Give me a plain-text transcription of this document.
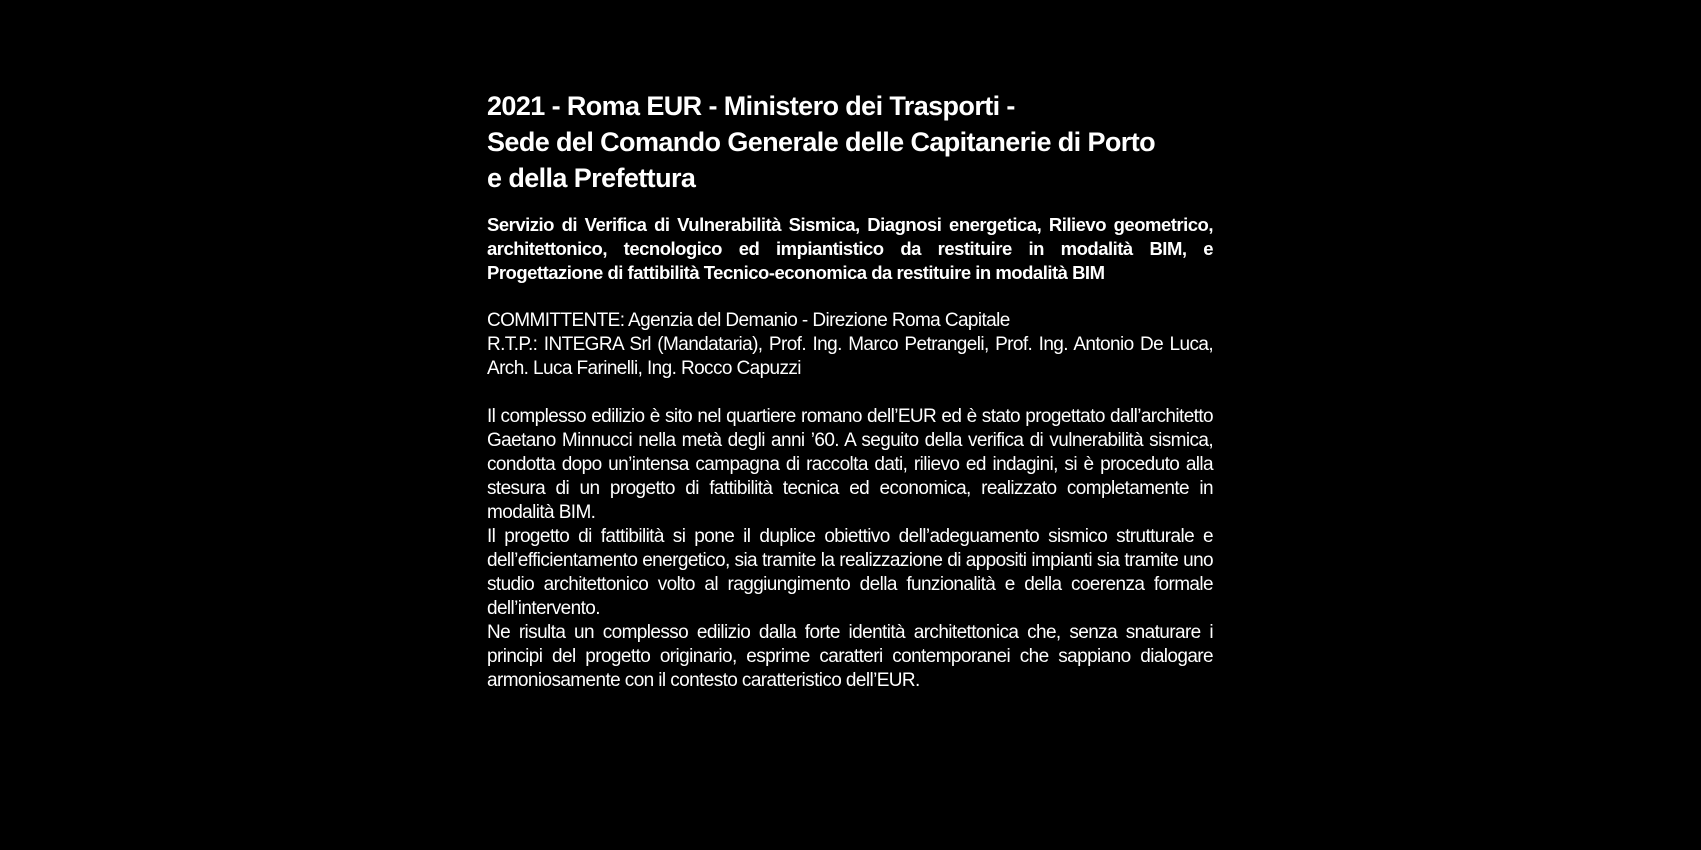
2021 - Roma EUR - Ministero dei Trasporti -
Sede del Comando Generale delle Capitanerie di Porto
e della Prefettura

Servizio di Verifica di Vulnerabilità Sismica, Diagnosi energetica, Rilievo geometrico, architettonico, tecnologico ed impiantistico da restituire in modalità BIM, e Progettazione di fattibilità Tecnico-economica da restituire in modalità BIM

COMMITTENTE: Agenzia del Demanio - Direzione Roma Capitale

R.T.P.: INTEGRA Srl (Mandataria), Prof. Ing. Marco Petrangeli, Prof. Ing. Antonio De Luca, Arch. Luca Farinelli, Ing. Rocco Capuzzi

Il complesso edilizio è sito nel quartiere romano dell’EUR ed è stato progettato dall’architetto Gaetano Minnucci nella metà degli anni ’60. A seguito della verifica di vulnerabilità sismica, condotta dopo un’intensa campagna di raccolta dati, rilievo ed indagini, si è proceduto alla stesura di un progetto di fattibilità tecnica ed economica, realizzato completamente in modalità BIM.

Il progetto di fattibilità si pone il duplice obiettivo dell’adeguamento sismico strutturale e dell’efficientamento energetico, sia tramite la realizzazione di appositi impianti sia tramite uno studio architettonico volto al raggiungimento della funzionalità e della coerenza formale dell’intervento.

Ne risulta un complesso edilizio dalla forte identità architettonica che, senza snaturare i principi del progetto originario, esprime caratteri contemporanei che sappiano dialogare armoniosamente con il contesto caratteristico dell’EUR.
